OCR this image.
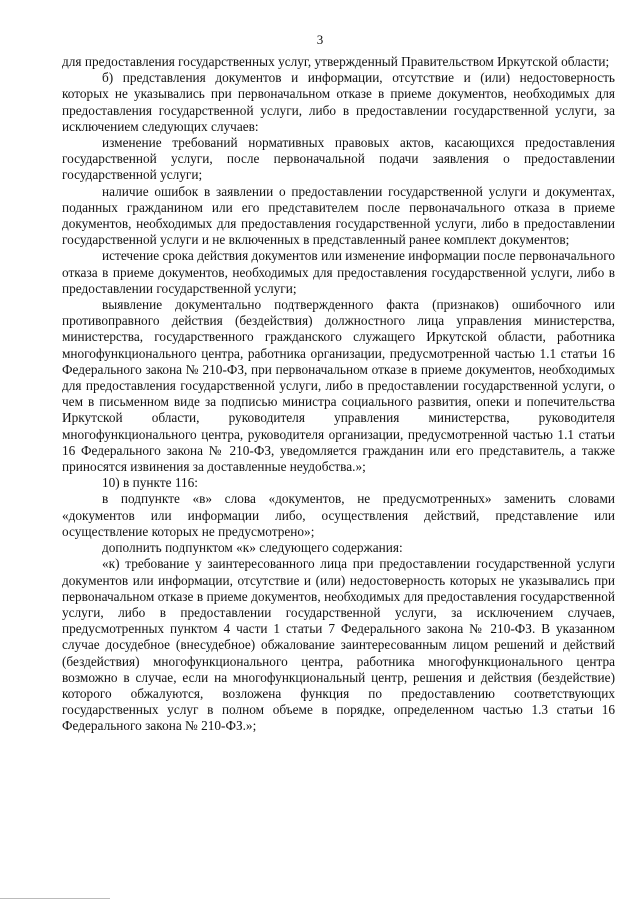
3

для предоставления государственных услуг, утвержденный Правительством Иркутской области;

б) представления документов и информации, отсутствие и (или) недостоверность которых не указывались при первоначальном отказе в приеме документов, необходимых для предоставления государственной услуги, либо в предоставлении государственной услуги, за исключением следующих случаев:

изменение требований нормативных правовых актов, касающихся предоставления государственной услуги, после первоначальной подачи заявления о предоставлении государственной услуги;

наличие ошибок в заявлении о предоставлении государственной услуги и документах, поданных гражданином или его представителем после первоначального отказа в приеме документов, необходимых для предоставления государственной услуги, либо в предоставлении государственной услуги и не включенных в представленный ранее комплект документов;

истечение срока действия документов или изменение информации после первоначального отказа в приеме документов, необходимых для предоставления государственной услуги, либо в предоставлении государственной услуги;

выявление документально подтвержденного факта (признаков) ошибочного или противоправного действия (бездействия) должностного лица управления министерства, министерства, государственного гражданского служащего Иркутской области, работника многофункционального центра, работника организации, предусмотренной частью 1.1 статьи 16 Федерального закона № 210-ФЗ, при первоначальном отказе в приеме документов, необходимых для предоставления государственной услуги, либо в предоставлении государственной услуги, о чем в письменном виде за подписью министра социального развития, опеки и попечительства Иркутской области, руководителя управления министерства, руководителя многофункционального центра, руководителя организации, предусмотренной частью 1.1 статьи 16 Федерального закона № 210-ФЗ, уведомляется гражданин или его представитель, а также приносятся извинения за доставленные неудобства.»;

10) в пункте 116:

в подпункте «в» слова «документов, не предусмотренных» заменить словами «документов или информации либо, осуществления действий, представление или осуществление которых не предусмотрено»;

дополнить подпунктом «к» следующего содержания:

«к) требование у заинтересованного лица при предоставлении государственной услуги документов или информации, отсутствие и (или) недостоверность которых не указывались при первоначальном отказе в приеме документов, необходимых для предоставления государственной услуги, либо в предоставлении государственной услуги, за исключением случаев, предусмотренных пунктом 4 части 1 статьи 7 Федерального закона № 210-ФЗ. В указанном случае досудебное (внесудебное) обжалование заинтересованным лицом решений и действий (бездействия) многофункционального центра, работника многофункционального центра возможно в случае, если на многофункциональный центр, решения и действия (бездействие) которого обжалуются, возложена функция по предоставлению соответствующих государственных услуг в полном объеме в порядке, определенном частью 1.3 статьи 16 Федерального закона № 210-ФЗ.»;
